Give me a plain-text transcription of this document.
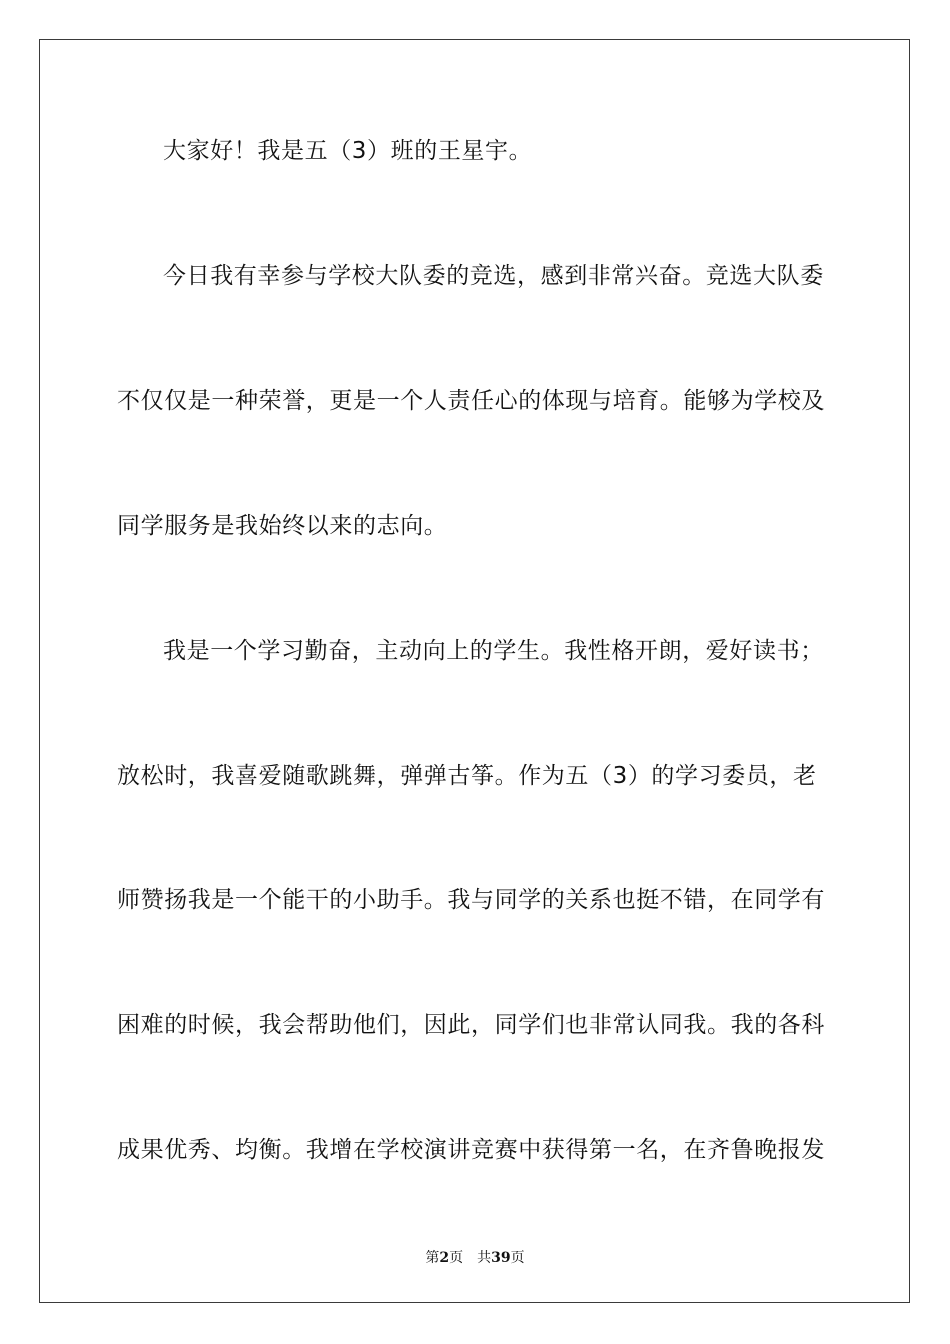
大家好！我是五（3）班的王星宇。
今日我有幸参与学校大队委的竞选，感到非常兴奋。竞选大队委
不仅仅是一种荣誉，更是一个人责任心的体现与培育。能够为学校及
同学服务是我始终以来的志向。
我是一个学习勤奋，主动向上的学生。我性格开朗，爱好读书；
放松时，我喜爱随歌跳舞，弹弹古筝。作为五（3）的学习委员，老
师赞扬我是一个能干的小助手。我与同学的关系也挺不错，在同学有
困难的时候，我会帮助他们，因此，同学们也非常认同我。我的各科
成果优秀、均衡。我增在学校演讲竞赛中获得第一名，在齐鲁晚报发
第2页 共39页
